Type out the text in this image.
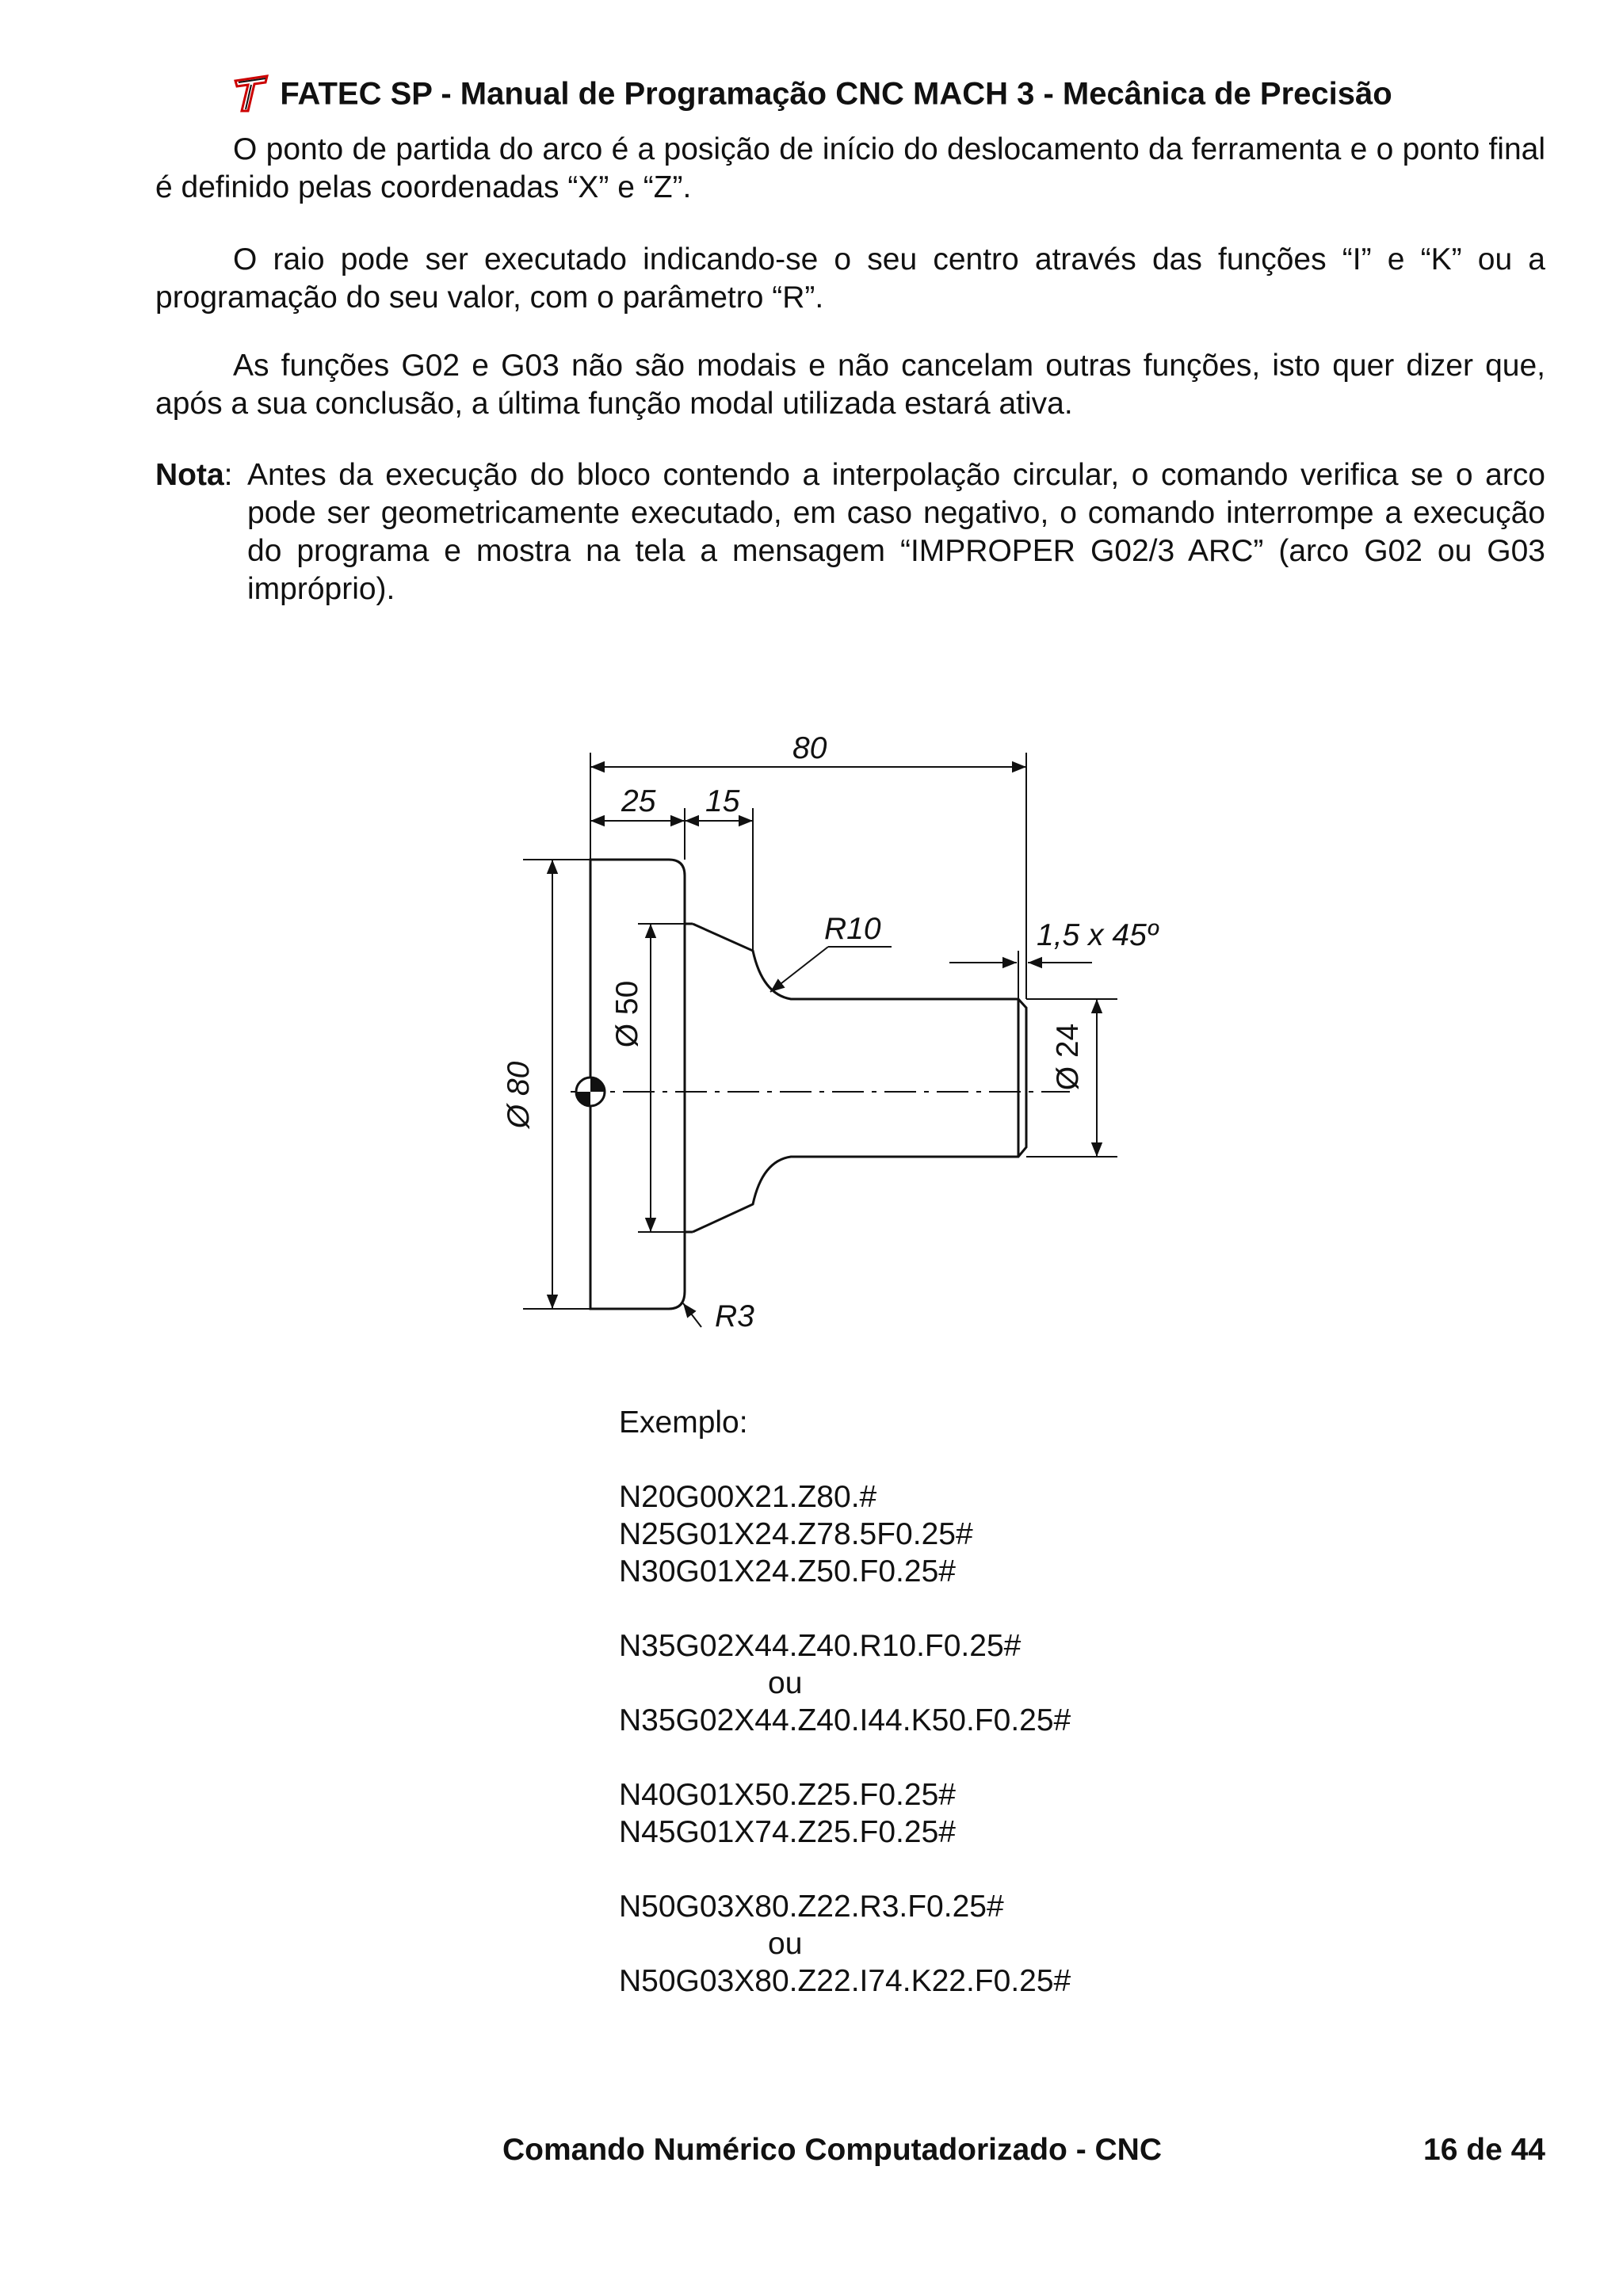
FATEC SP - Manual de Programação CNC MACH 3 - Mecânica de Precisão

O ponto de partida do arco é a posição de início do deslocamento da ferramenta e o ponto final é definido pelas coordenadas “X” e “Z”.

O raio pode ser executado indicando-se o seu centro através das funções “I” e “K” ou a programação do seu valor, com o parâmetro “R”.

As funções G02 e G03 não são modais e não cancelam outras funções, isto quer dizer que, após a sua conclusão, a última função modal utilizada estará ativa.

Nota: Antes da execução do bloco contendo a interpolação circular, o comando verifica se o arco pode ser geometricamente executado, em caso negativo, o comando interrompe a execução do programa e mostra na tela a mensagem “IMPROPER G02/3 ARC” (arco G02 ou G03 impróprio).
80
25 15
1,5 x 45º
R10
R3
Ø 80
Ø 50
Ø 24
Exemplo:
N20G00X21.Z80.#
N25G01X24.Z78.5F0.25#
N30G01X24.Z50.F0.25#
N35G02X44.Z40.R10.F0.25#
ou
N35G02X44.Z40.I44.K50.F0.25#
N40G01X50.Z25.F0.25#
N45G01X74.Z25.F0.25#
N50G03X80.Z22.R3.F0.25#
ou
N50G03X80.Z22.I74.K22.F0.25#
Comando Numérico Computadorizado - CNC	16 de 44
